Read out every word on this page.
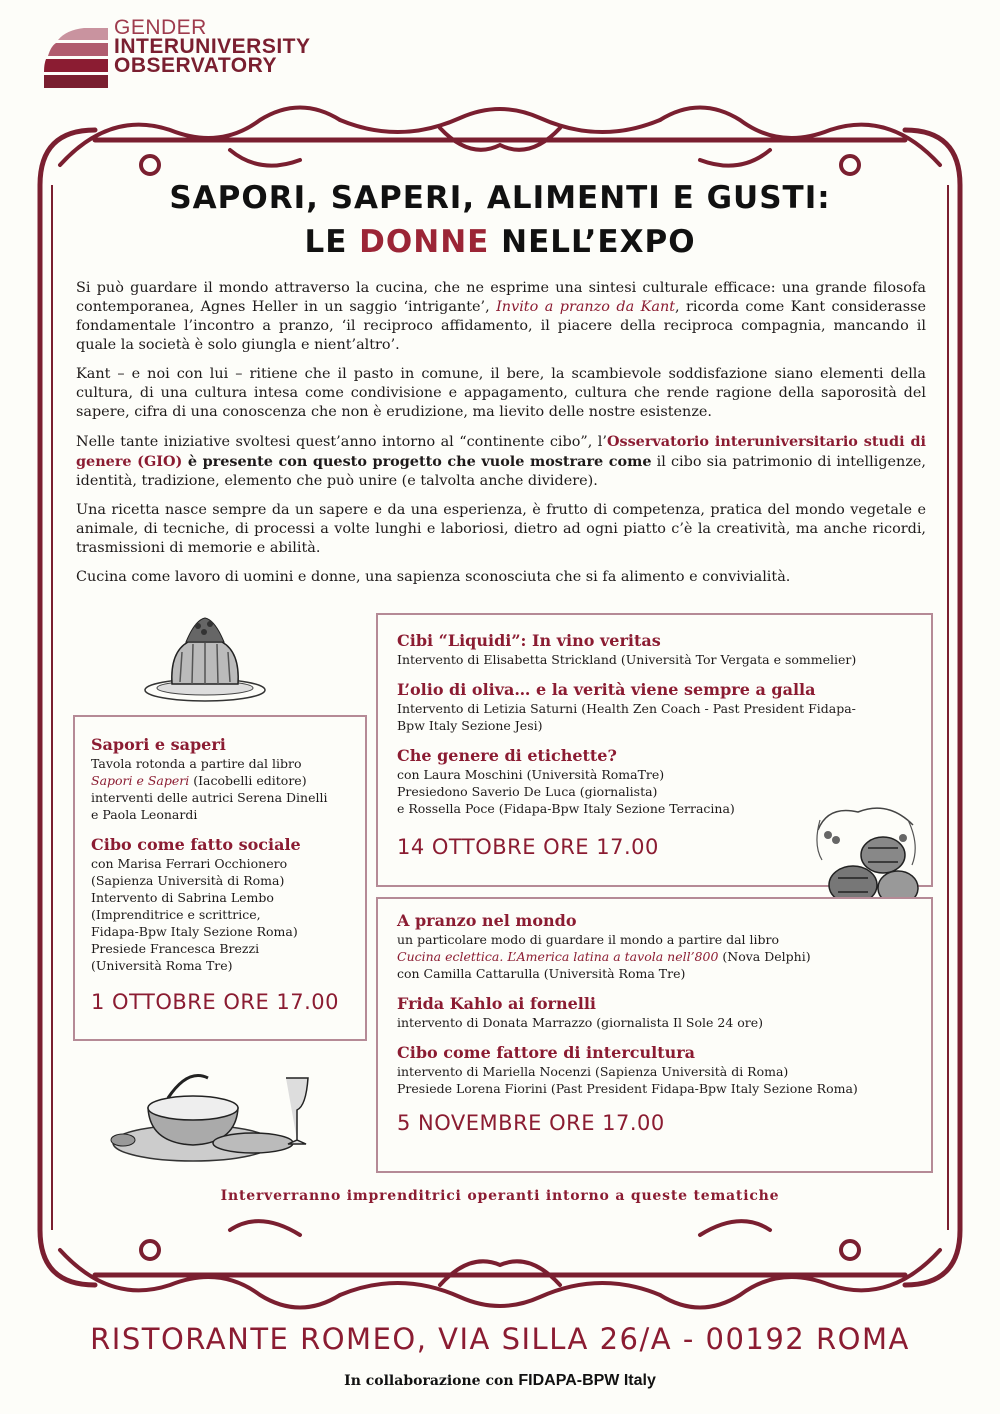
GENDER
INTERUNIVERSITY
OBSERVATORY
SAPORI, SAPERI, ALIMENTI E GUSTI:
LE DONNE NELL’EXPO

Si può guardare il mondo attraverso la cucina, che ne esprime una sintesi culturale efficace: una grande filosofa contemporanea, Agnes Heller in un saggio ‘intrigante’, Invito a pranzo da Kant, ricorda come Kant considerasse fondamentale l’incontro a pranzo, ‘il reciproco affidamento, il piacere della reciproca compagnia, mancando il quale la società è solo giungla e nient’altro’.

Kant – e noi con lui – ritiene che il pasto in comune, il bere, la scambievole soddisfazione siano elementi della cultura, di una cultura intesa come condivisione e appagamento, cultura che rende ragione della saporosità del sapere, cifra di una conoscenza che non è erudizione, ma lievito delle nostre esistenze.

Nelle tante iniziative svoltesi quest’anno intorno al “continente cibo”, l’Osservatorio interuniversitario studi di genere (GIO) è presente con questo progetto che vuole mostrare come il cibo sia patrimonio di intelligenze, identità, tradizione, elemento che può unire (e talvolta anche dividere).

Una ricetta nasce sempre da un sapere e da una esperienza, è frutto di competenza, pratica del mondo vegetale e animale, di tecniche, di processi a volte lunghi e laboriosi, dietro ad ogni piatto c’è la creatività, ma anche ricordi, trasmissioni di memorie e abilità.

Cucina come lavoro di uomini e donne, una sapienza sconosciuta che si fa alimento e convivialità.

Sapori e saperi

Tavola rotonda a partire dal libro

Sapori e Saperi (Iacobelli editore)

interventi delle autrici Serena Dinelli

e Paola Leonardi

Cibo come fatto sociale

con Marisa Ferrari Occhionero

(Sapienza Università di Roma)

Intervento di Sabrina Lembo

(Imprenditrice e scrittrice,

Fidapa-Bpw Italy Sezione Roma)

Presiede Francesca Brezzi

(Università Roma Tre)

1 OTTOBRE ORE 17.00
Cibi “Liquidi”: In vino veritas

Intervento di Elisabetta Strickland (Università Tor Vergata e sommelier)

L’olio di oliva… e la verità viene sempre a galla

Intervento di Letizia Saturni (Health Zen Coach - Past President Fidapa-

Bpw Italy Sezione Jesi)

Che genere di etichette?

con Laura Moschini (Università RomaTre)

Presiedono Saverio De Luca (giornalista)

e Rossella Poce (Fidapa-Bpw Italy Sezione Terracina)

14 OTTOBRE ORE 17.00
A pranzo nel mondo

un particolare modo di guardare il mondo a partire dal libro

Cucina eclettica. L’America latina a tavola nell’800 (Nova Delphi)

con Camilla Cattarulla (Università Roma Tre)

Frida Kahlo ai fornelli

intervento di Donata Marrazzo (giornalista Il Sole 24 ore)

Cibo come fattore di intercultura

intervento di Mariella Nocenzi (Sapienza Università di Roma)

Presiede Lorena Fiorini (Past President Fidapa-Bpw Italy Sezione Roma)

5 NOVEMBRE ORE 17.00
Interverranno imprenditrici operanti intorno a queste tematiche
RISTORANTE ROMEO, VIA SILLA 26/A - 00192 ROMA
In collaborazione con FIDAPA-BPW Italy
